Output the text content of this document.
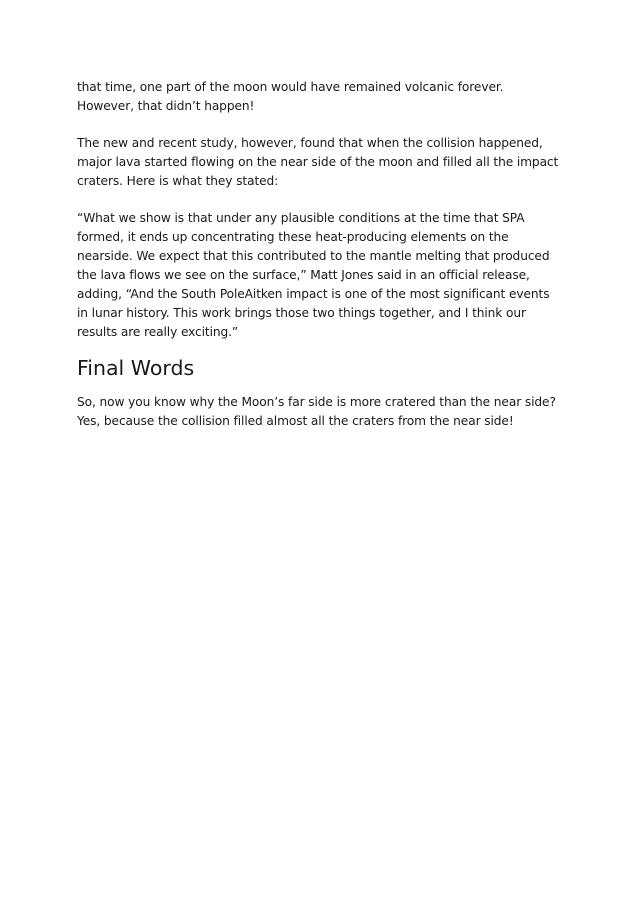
that time, one part of the moon would have remained volcanic forever. However, that didn’t happen!

The new and recent study, however, found that when the collision happened, major lava started flowing on the near side of the moon and filled all the impact craters. Here is what they stated:

“What we show is that under any plausible conditions at the time that SPA formed, it ends up concentrating these heat-producing elements on the nearside. We expect that this contributed to the mantle melting that produced the lava flows we see on the surface,” Matt Jones said in an official release, adding, “And the South PoleAitken impact is one of the most significant events in lunar history. This work brings those two things together, and I think our results are really exciting.”

Final Words

So, now you know why the Moon’s far side is more cratered than the near side? Yes, because the collision filled almost all the craters from the near side!
